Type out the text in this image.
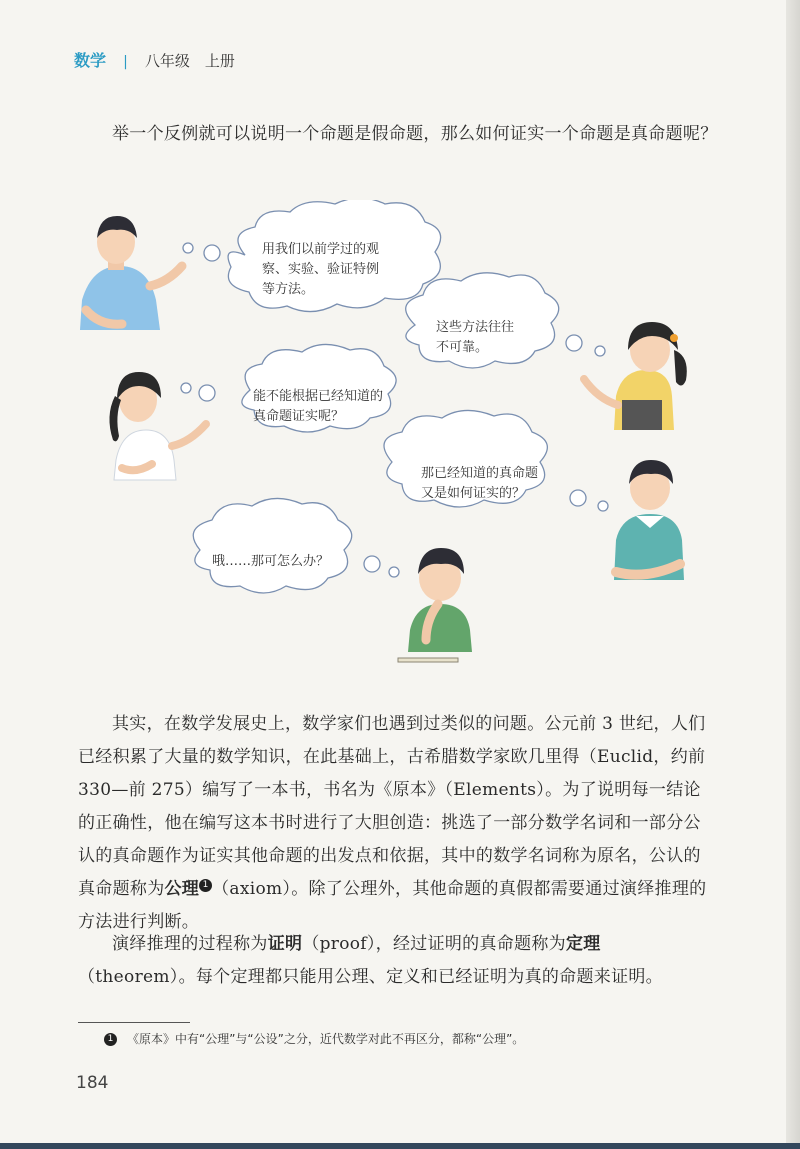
数学 | 八年级　上册
举一个反例就可以说明一个命题是假命题，那么如何证实一个命题是真命题呢？
用我们以前学过的观
察、实验、验证特例
等方法。
这些方法往往
不可靠。
能不能根据已经知道的
真命题证实呢？
那已经知道的真命题
又是如何证实的？
哦……那可怎么办？
其实，在数学发展史上，数学家们也遇到过类似的问题。公元前 3 世纪，人们已经积累了大量的数学知识，在此基础上，古希腊数学家欧几里得（Euclid，约前 330—前 275）编写了一本书，书名为《原本》（Elements）。为了说明每一结论的正确性，他在编写这本书时进行了大胆创造：挑选了一部分数学名词和一部分公认的真命题作为证实其他命题的出发点和依据，其中的数学名词称为原名，公认的真命题称为公理 1 （axiom）。除了公理外，其他命题的真假都需要通过演绎推理的方法进行判断。
演绎推理的过程称为证明（proof），经过证明的真命题称为定理（theorem）。每个定理都只能用公理、定义和已经证明为真的命题来证明。
1 《原本》中有“公理”与“公设”之分，近代数学对此不再区分，都称“公理”。
184
